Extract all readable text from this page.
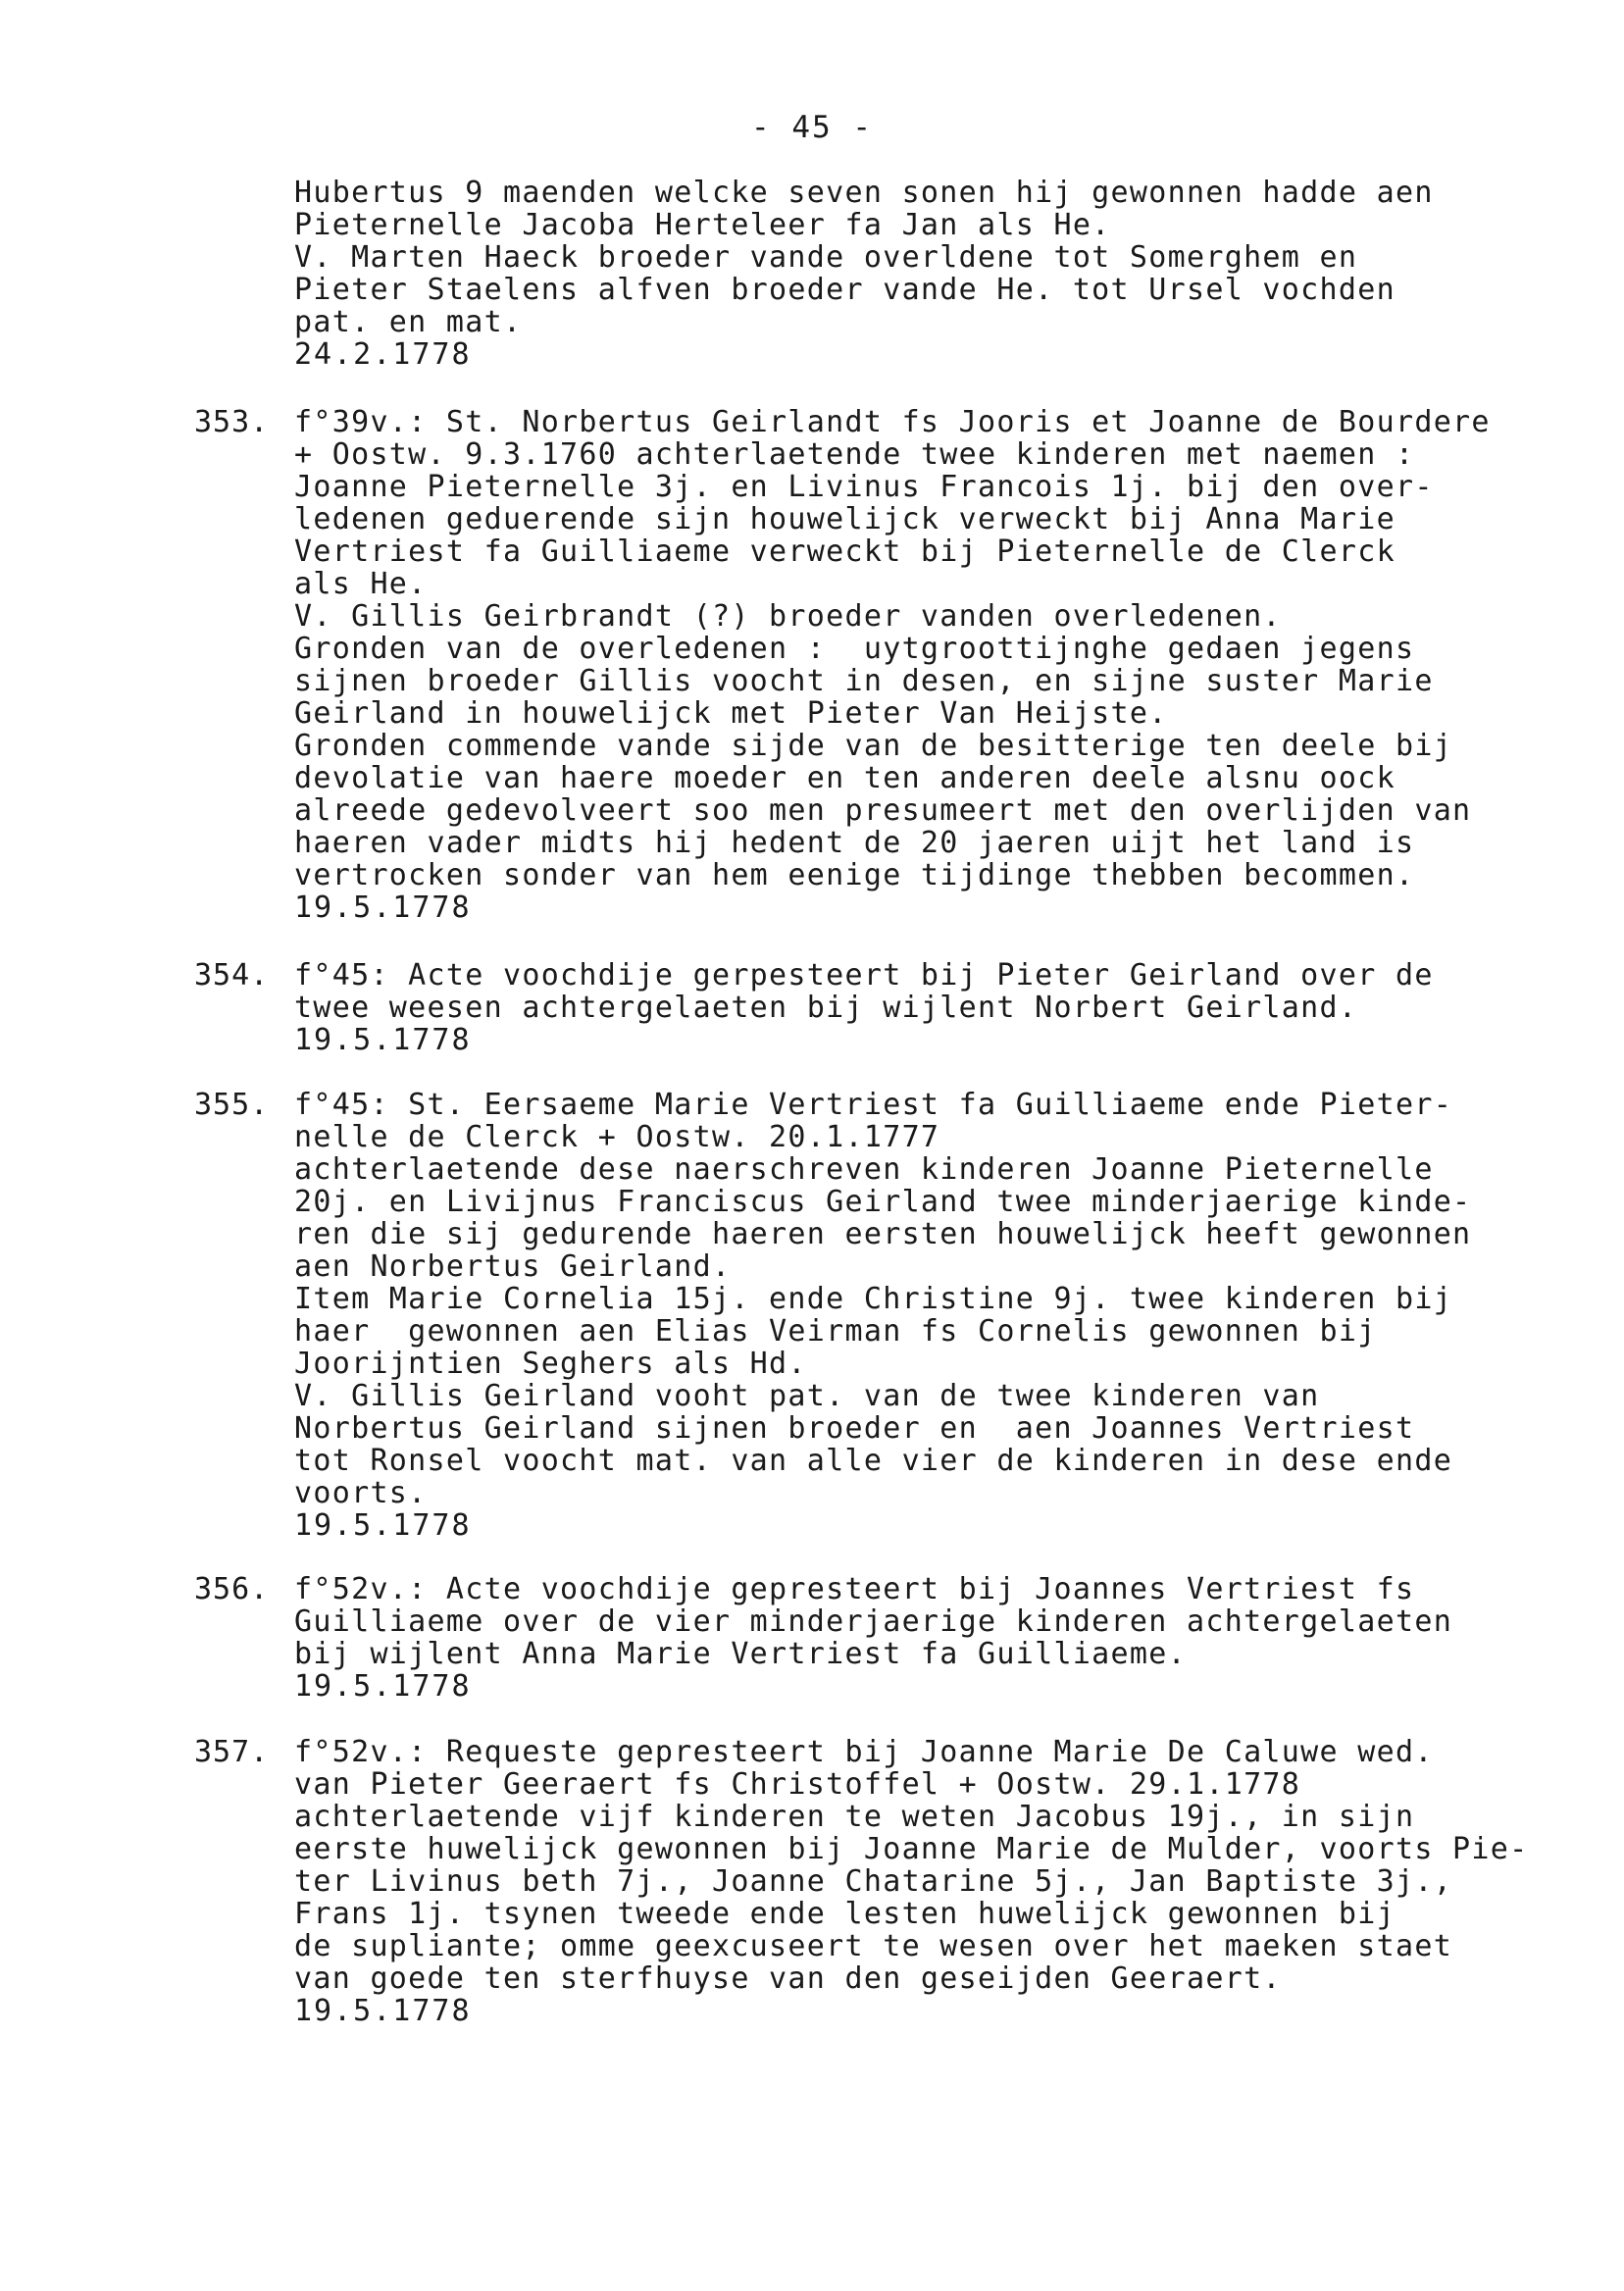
- 45 -
Hubertus 9 maenden welcke seven sonen hij gewonnen hadde aen
Pieternelle Jacoba Herteleer fa Jan als He.
V. Marten Haeck broeder vande overldene tot Somerghem en
Pieter Staelens alfven broeder vande He. tot Ursel vochden
pat. en mat.
24.2.1778
353. f°39v.: St. Norbertus Geirlandt fs Jooris et Joanne de Bourdere
+ Oostw. 9.3.1760 achterlaetende twee kinderen met naemen :
Joanne Pieternelle 3j. en Livinus Francois 1j. bij den over-
ledenen geduerende sijn houwelijck verweckt bij Anna Marie
Vertriest fa Guilliaeme verweckt bij Pieternelle de Clerck
als He.
V. Gillis Geirbrandt (?) broeder vanden overledenen.
Gronden van de overledenen :  uytgroottijnghe gedaen jegens
sijnen broeder Gillis voocht in desen, en sijne suster Marie
Geirland in houwelijck met Pieter Van Heijste.
Gronden commende vande sijde van de besitterige ten deele bij
devolatie van haere moeder en ten anderen deele alsnu oock
alreede gedevolveert soo men presumeert met den overlijden van
haeren vader midts hij hedent de 20 jaeren uijt het land is
vertrocken sonder van hem eenige tijdinge thebben becommen.
19.5.1778
354. f°45: Acte voochdije gerpesteert bij Pieter Geirland over de
twee weesen achtergelaeten bij wijlent Norbert Geirland.
19.5.1778
355. f°45: St. Eersaeme Marie Vertriest fa Guilliaeme ende Pieter-
nelle de Clerck + Oostw. 20.1.1777
achterlaetende dese naerschreven kinderen Joanne Pieternelle
20j. en Livijnus Franciscus Geirland twee minderjaerige kinde-
ren die sij gedurende haeren eersten houwelijck heeft gewonnen
aen Norbertus Geirland.
Item Marie Cornelia 15j. ende Christine 9j. twee kinderen bij
haer  gewonnen aen Elias Veirman fs Cornelis gewonnen bij
Joorijntien Seghers als Hd.
V. Gillis Geirland vooht pat. van de twee kinderen van
Norbertus Geirland sijnen broeder en  aen Joannes Vertriest
tot Ronsel voocht mat. van alle vier de kinderen in dese ende
voorts.
19.5.1778
356. f°52v.: Acte voochdije gepresteert bij Joannes Vertriest fs
Guilliaeme over de vier minderjaerige kinderen achtergelaeten
bij wijlent Anna Marie Vertriest fa Guilliaeme.
19.5.1778
357. f°52v.: Requeste gepresteert bij Joanne Marie De Caluwe wed.
van Pieter Geeraert fs Christoffel + Oostw. 29.1.1778
achterlaetende vijf kinderen te weten Jacobus 19j., in sijn
eerste huwelijck gewonnen bij Joanne Marie de Mulder, voorts Pie-
ter Livinus beth 7j., Joanne Chatarine 5j., Jan Baptiste 3j.,
Frans 1j. tsynen tweede ende lesten huwelijck gewonnen bij
de supliante; omme geexcuseert te wesen over het maeken staet
van goede ten sterfhuyse van den geseijden Geeraert.
19.5.1778
